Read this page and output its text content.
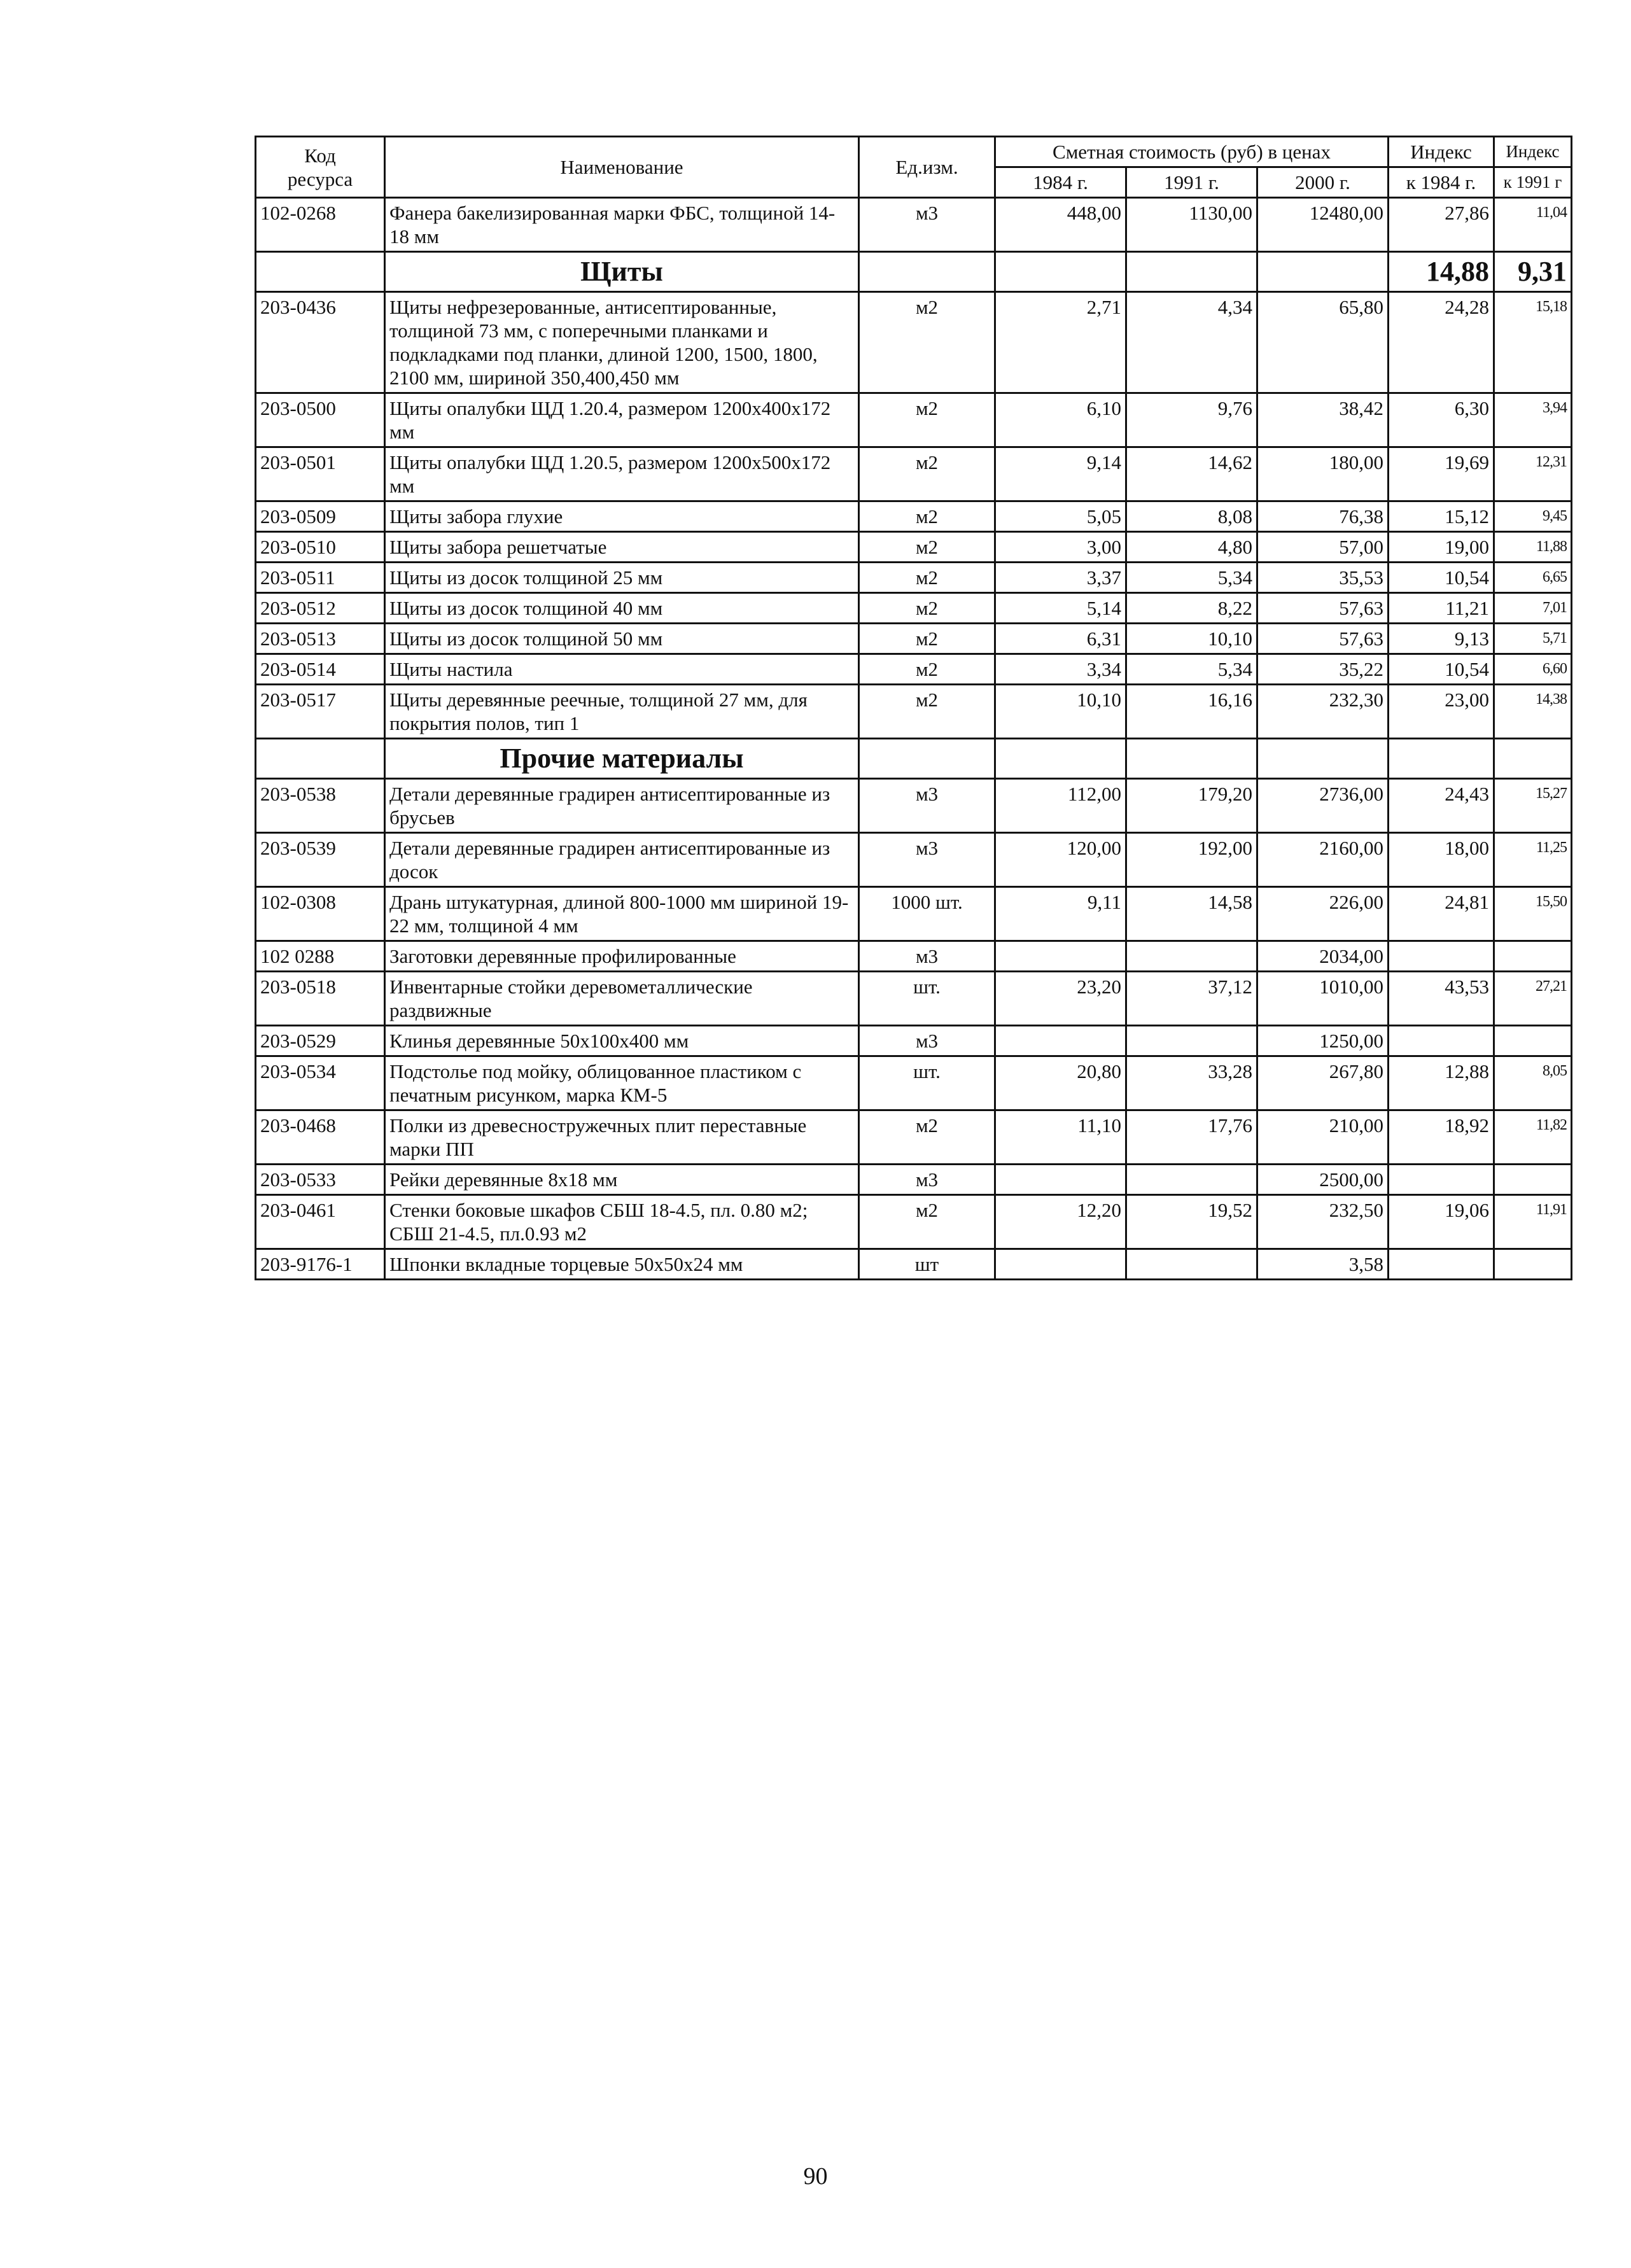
Код
ресурса	Наименование	Ед.изм.	Сметная стоимость (руб) в ценах			Индекс	Индекс
			1984 г.	1991 г.	2000 г.	к 1984 г.	к 1991 г
102-0268	Фанера бакелизированная марки ФБС, толщиной 14-18 мм	м3	448,00	1130,00	12480,00	27,86	11,04
	Щиты					14,88	9,31
203-0436	Щиты нефрезерованные, антисептированные, толщиной 73 мм, с поперечными планками и подкладками под планки, длиной 1200, 1500, 1800, 2100 мм, шириной 350,400,450 мм	м2	2,71	4,34	65,80	24,28	15,18
203-0500	Щиты опалубки ЩД 1.20.4, размером 1200x400x172 мм	м2	6,10	9,76	38,42	6,30	3,94
203-0501	Щиты опалубки ЩД 1.20.5, размером 1200x500x172 мм	м2	9,14	14,62	180,00	19,69	12,31
203-0509	Щиты забора глухие	м2	5,05	8,08	76,38	15,12	9,45
203-0510	Щиты забора решетчатые	м2	3,00	4,80	57,00	19,00	11,88
203-0511	Щиты из досок толщиной 25 мм	м2	3,37	5,34	35,53	10,54	6,65
203-0512	Щиты из досок толщиной 40 мм	м2	5,14	8,22	57,63	11,21	7,01
203-0513	Щиты из досок толщиной 50 мм	м2	6,31	10,10	57,63	9,13	5,71
203-0514	Щиты настила	м2	3,34	5,34	35,22	10,54	6,60
203-0517	Щиты деревянные реечные, толщиной 27 мм, для покрытия полов, тип 1	м2	10,10	16,16	232,30	23,00	14,38
	Прочие материалы						
203-0538	Детали деревянные градирен антисептированные из брусьев	м3	112,00	179,20	2736,00	24,43	15,27
203-0539	Детали деревянные градирен антисептированные из досок	м3	120,00	192,00	2160,00	18,00	11,25
102-0308	Дрань штукатурная, длиной 800-1000 мм шириной 19-22 мм, толщиной 4 мм	1000 шт.	9,11	14,58	226,00	24,81	15,50
102 0288	Заготовки деревянные профилированные	м3			2034,00		
203-0518	Инвентарные стойки деревометаллические раздвижные	шт.	23,20	37,12	1010,00	43,53	27,21
203-0529	Клинья деревянные 50x100x400 мм	м3			1250,00		
203-0534	Подстолье под мойку, облицованное пластиком с печатным рисунком, марка КМ-5	шт.	20,80	33,28	267,80	12,88	8,05
203-0468	Полки из древесностружечных плит переставные марки ПП	м2	11,10	17,76	210,00	18,92	11,82
203-0533	Рейки деревянные 8x18 мм	м3			2500,00		
203-0461	Стенки боковые шкафов СБШ 18-4.5, пл. 0.80 м2; СБШ 21-4.5, пл.0.93 м2	м2	12,20	19,52	232,50	19,06	11,91
203-9176-1	Шпонки вкладные торцевые 50x50x24 мм	шт			3,58		
90
